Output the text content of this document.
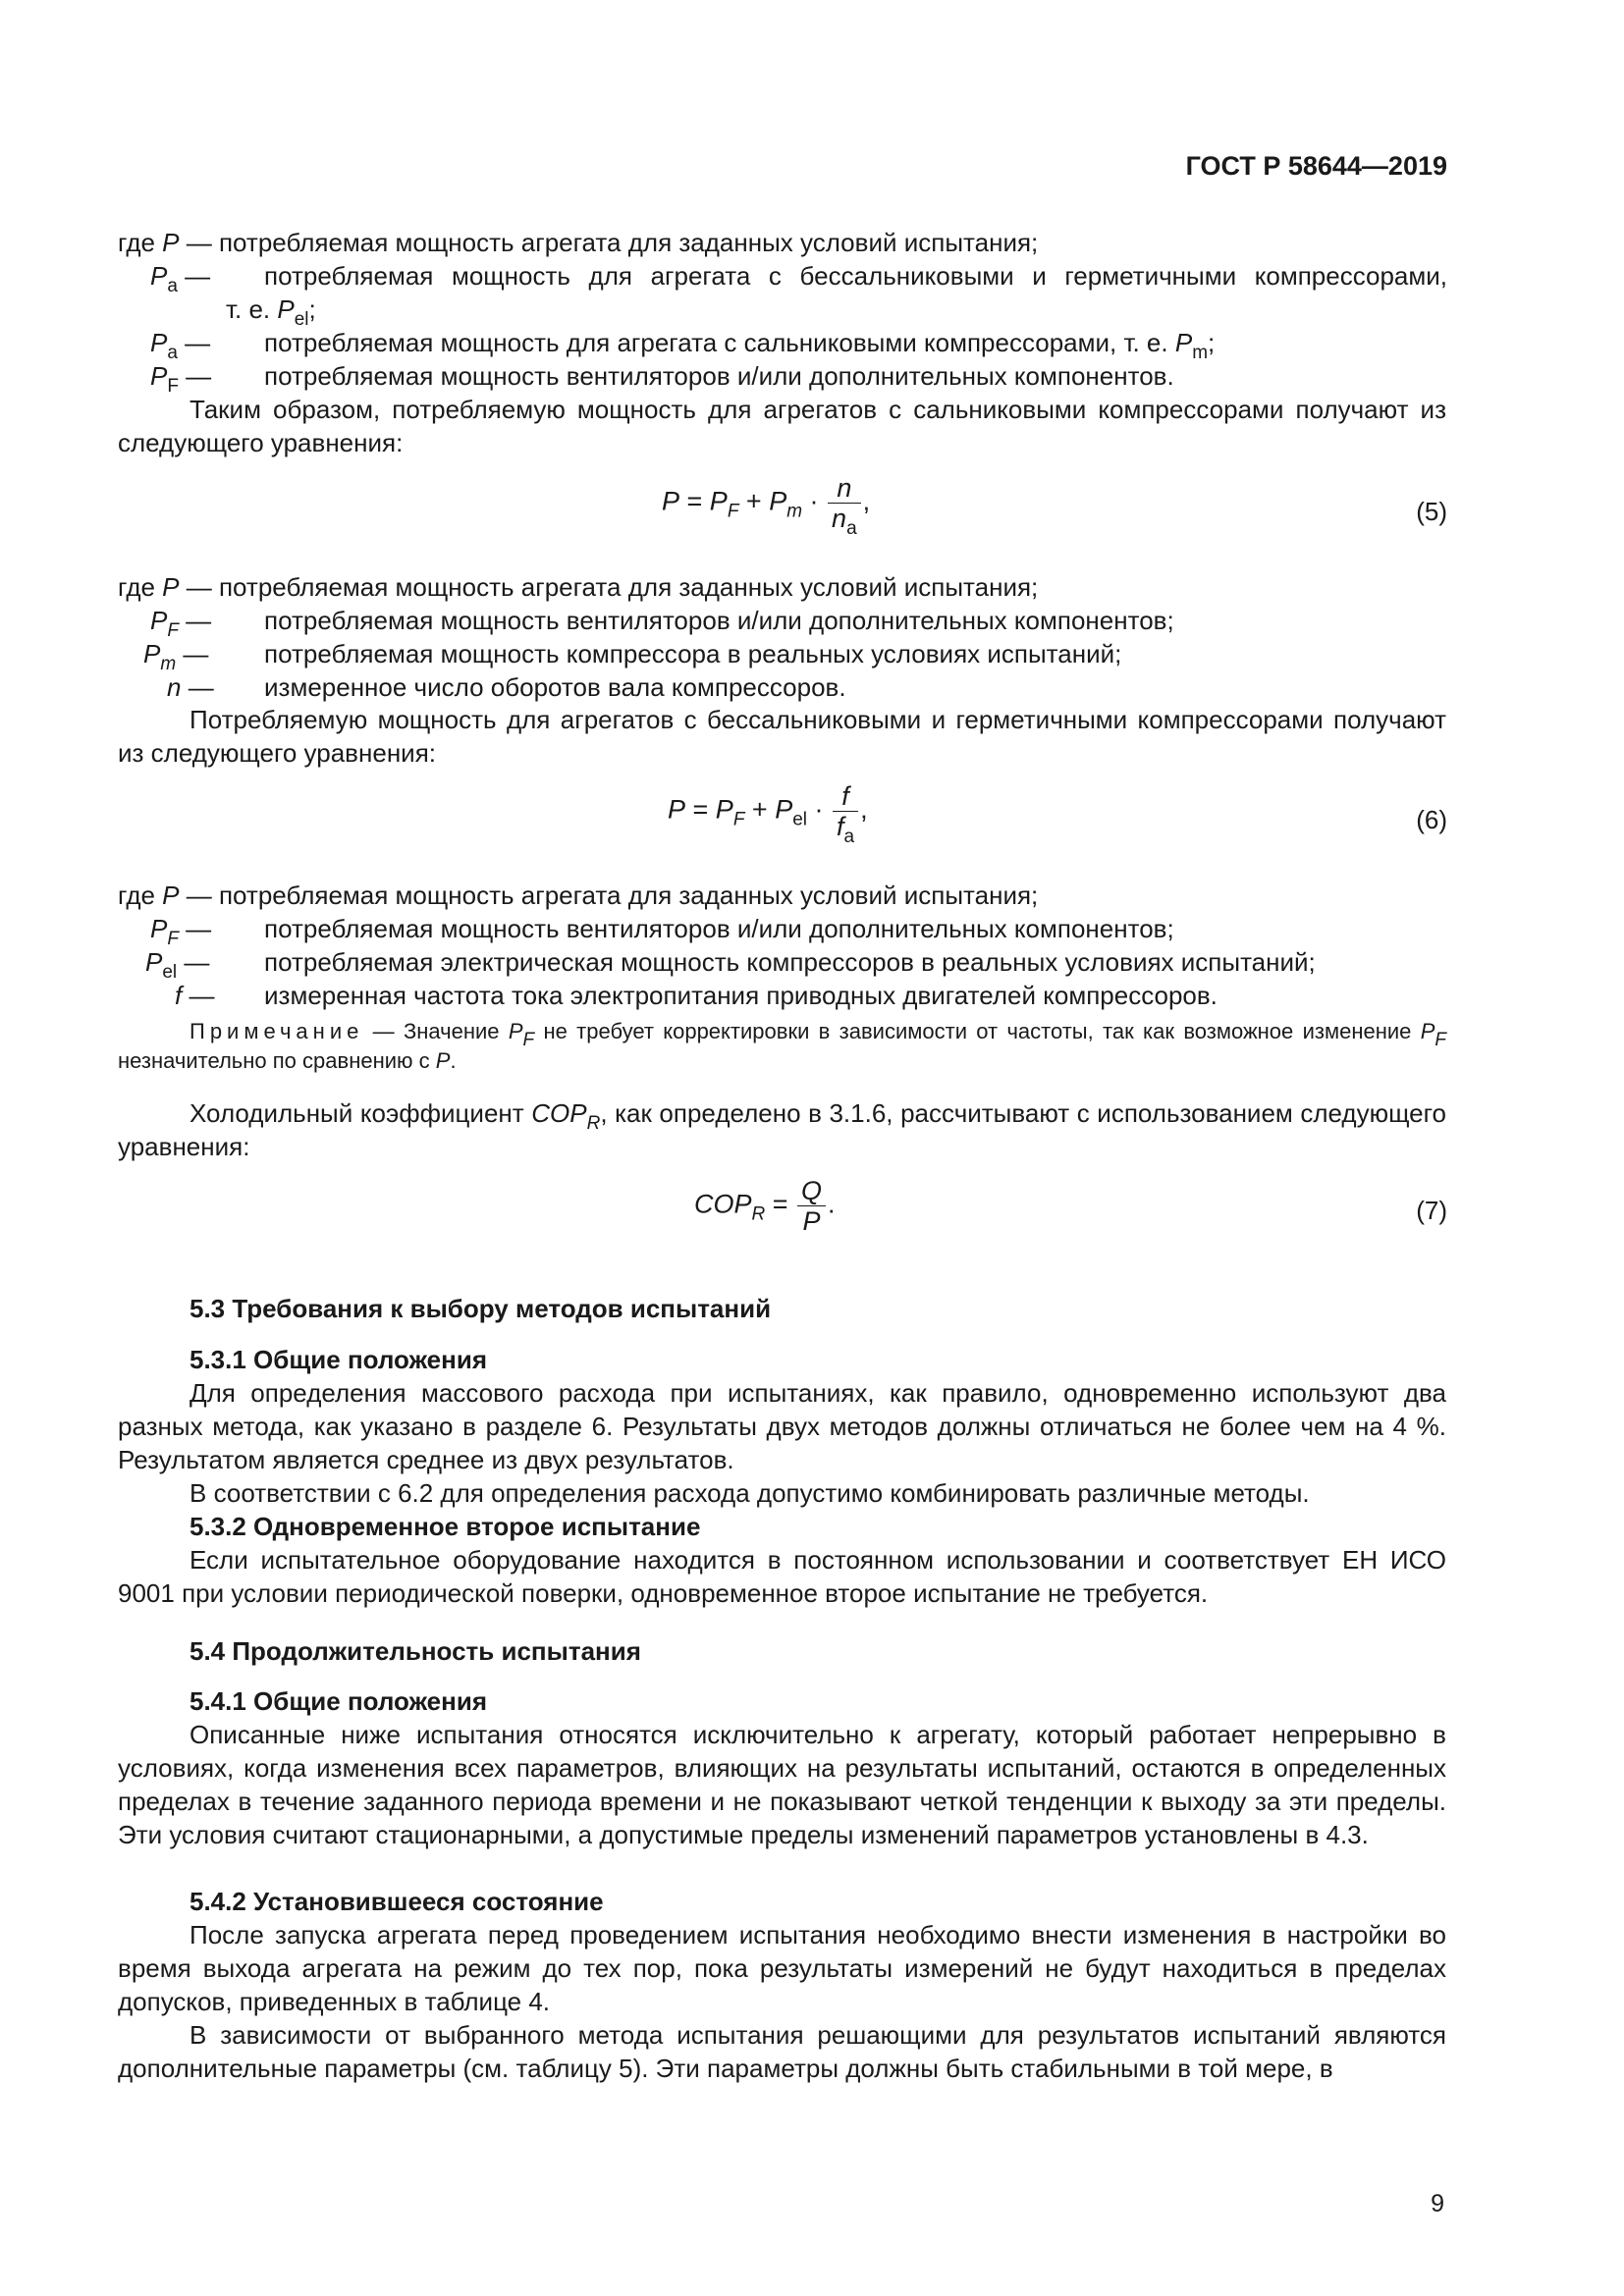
ГОСТ Р 58644—2019
где P — потребляемая мощность агрегата для заданных условий испытания;
$P_a$ — потребляемая мощность для агрегата с бессальниковыми и герметичными компрессорами,
т. е. $P_{el}$;
$P_a$ — потребляемая мощность для агрегата с сальниковыми компрессорами, т. е. $P_m$;
$P_F$ — потребляемая мощность вентиляторов и/или дополнительных компонентов.
Таким образом, потребляемую мощность для агрегатов с сальниковыми компрессорами получают из следующего уравнения:
$P = P_F + P_m \cdot \frac{n}{n_a}$ ,	(5)
где P — потребляемая мощность агрегата для заданных условий испытания;
$P_F$ — потребляемая мощность вентиляторов и/или дополнительных компонентов;
$P_m$ — потребляемая мощность компрессора в реальных условиях испытаний;
n — измеренное число оборотов вала компрессоров.
Потребляемую мощность для агрегатов с бессальниковыми и герметичными компрессорами получают из следующего уравнения:
$P = P_F + P_{el} \cdot \frac{f}{f_a}$ ,	(6)
где P — потребляемая мощность агрегата для заданных условий испытания;
$P_F$ — потребляемая мощность вентиляторов и/или дополнительных компонентов;
$P_{el}$ — потребляемая электрическая мощность компрессоров в реальных условиях испытаний;
f — измеренная частота тока электропитания приводных двигателей компрессоров.
Примечание — Значение $P_F$ не требует корректировки в зависимости от частоты, так как возможное изменение $P_F$ незначительно по сравнению с P.
Холодильный коэффициент $COP_R$, как определено в 3.1.6, рассчитывают с использованием следующего уравнения:
$COP_R = \frac{Q}{P}$ .	(7)
5.3 Требования к выбору методов испытаний
5.3.1 Общие положения
Для определения массового расхода при испытаниях, как правило, одновременно используют два разных метода, как указано в разделе 6. Результаты двух методов должны отличаться не более чем на 4 %. Результатом является среднее из двух результатов.
В соответствии с 6.2 для определения расхода допустимо комбинировать различные методы.
5.3.2 Одновременное второе испытание
Если испытательное оборудование находится в постоянном использовании и соответствует ЕН ИСО 9001 при условии периодической поверки, одновременное второе испытание не требуется.
5.4 Продолжительность испытания
5.4.1 Общие положения
Описанные ниже испытания относятся исключительно к агрегату, который работает непрерывно в условиях, когда изменения всех параметров, влияющих на результаты испытаний, остаются в определенных пределах в течение заданного периода времени и не показывают четкой тенденции к выходу за эти пределы. Эти условия считают стационарными, а допустимые пределы изменений параметров установлены в 4.3.
5.4.2 Установившееся состояние
После запуска агрегата перед проведением испытания необходимо внести изменения в настройки во время выхода агрегата на режим до тех пор, пока результаты измерений не будут находиться в пределах допусков, приведенных в таблице 4.
В зависимости от выбранного метода испытания решающими для результатов испытаний являются дополнительные параметры (см. таблицу 5). Эти параметры должны быть стабильными в той мере, в
9
